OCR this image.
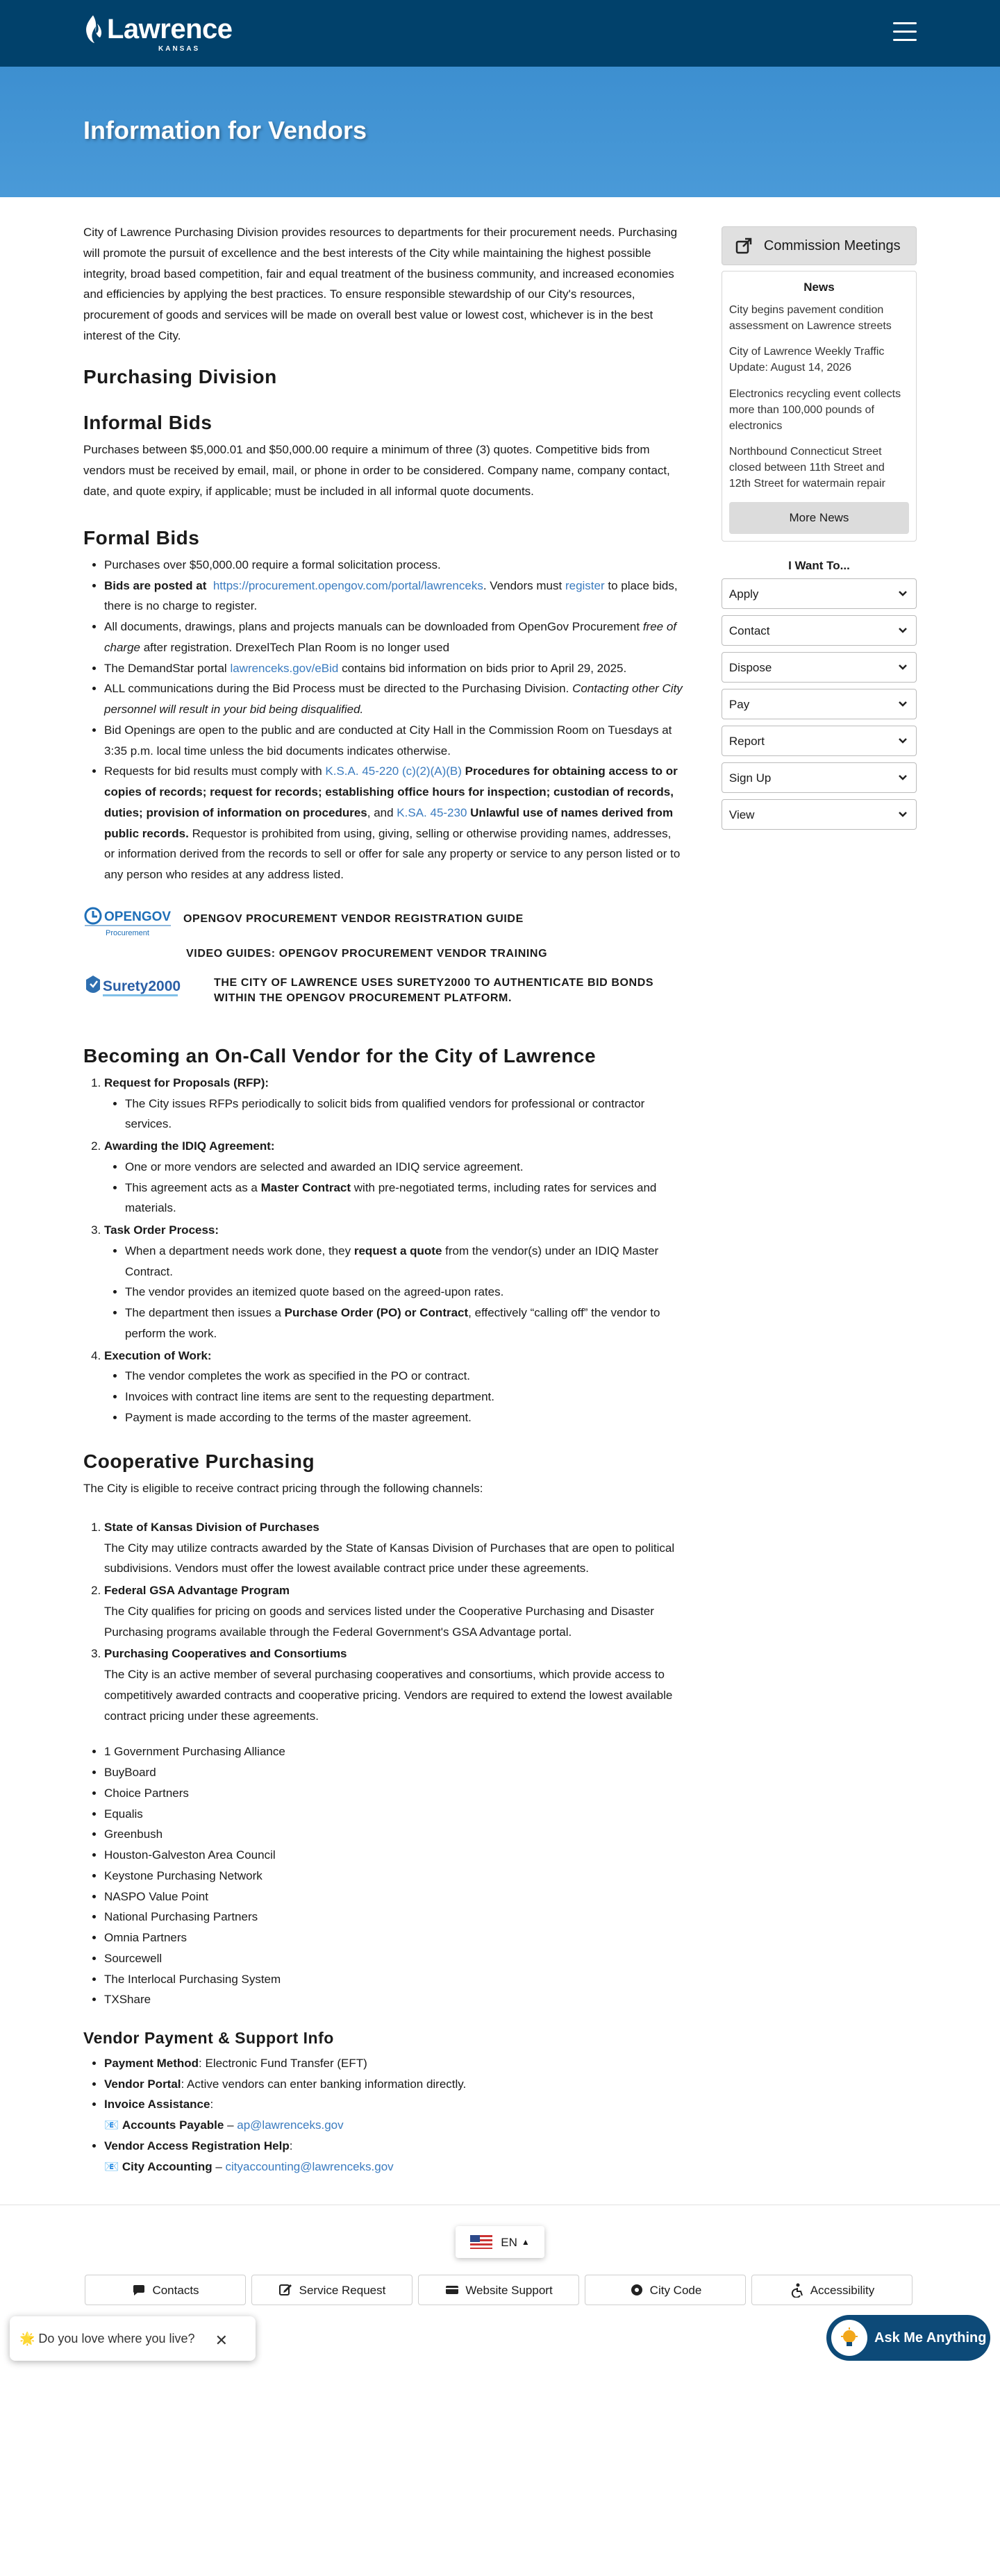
Lawrence
KANSAS
Information for Vendors

City of Lawrence Purchasing Division provides resources to departments for their procurement needs. Purchasing will promote the pursuit of excellence and the best interests of the City while maintaining the highest possible integrity, broad based competition, fair and equal treatment of the business community, and increased economies and efficiencies by applying the best practices. To ensure responsible stewardship of our City's resources, procurement of goods and services will be made on overall best value or lowest cost, whichever is in the best interest of the City.

Purchasing Division
Informal Bids

Purchases between $5,000.01 and $50,000.00 require a minimum of three (3) quotes. Competitive bids from vendors must be received by email, mail, or phone in order to be considered. Company name, company contact, date, and quote expiry, if applicable; must be included in all informal quote documents.

Formal Bids
• Purchases over $50,000.00 require a formal solicitation process.
• Bids are posted at https://procurement.opengov.com/portal/lawrenceks. Vendors must register to place bids, there is no charge to register.
• All documents, drawings, plans and projects manuals can be downloaded from OpenGov Procurement free of charge after registration. DrexelTech Plan Room is no longer used
• The DemandStar portal lawrenceks.gov/eBid contains bid information on bids prior to April 29, 2025.
• ALL communications during the Bid Process must be directed to the Purchasing Division. Contacting other City personnel will result in your bid being disqualified.
• Bid Openings are open to the public and are conducted at City Hall in the Commission Room on Tuesdays at 3:35 p.m. local time unless the bid documents indicates otherwise.
• Requests for bid results must comply with K.S.A. 45-220 (c)(2)(A)(B) Procedures for obtaining access to or copies of records; request for records; establishing office hours for inspection; custodian of records, duties; provision of information on procedures, and K.SA. 45-230 Unlawful use of names derived from public records. Requestor is prohibited from using, giving, selling or otherwise providing names, addresses, or information derived from the records to sell or offer for sale any property or service to any person listed or to any person who resides at any address listed.
OPENGOV
Procurement
OPENGOV PROCUREMENT VENDOR REGISTRATION GUIDE
VIDEO GUIDES: OPENGOV PROCUREMENT VENDOR TRAINING
Surety2000	THE CITY OF LAWRENCE USES SURETY2000 TO AUTHENTICATE BID BONDS WITHIN THE OPENGOV PROCUREMENT PLATFORM.
Becoming an On-Call Vendor for the City of Lawrence
1. Request for Proposals (RFP):
• The City issues RFPs periodically to solicit bids from qualified vendors for professional or contractor services.
2. Awarding the IDIQ Agreement:
• One or more vendors are selected and awarded an IDIQ service agreement.
• This agreement acts as a Master Contract with pre-negotiated terms, including rates for services and materials.
3. Task Order Process:
• When a department needs work done, they request a quote from the vendor(s) under an IDIQ Master Contract.
• The vendor provides an itemized quote based on the agreed-upon rates.
• The department then issues a Purchase Order (PO) or Contract, effectively “calling off” the vendor to perform the work.
4. Execution of Work:
• The vendor completes the work as specified in the PO or contract.
• Invoices with contract line items are sent to the requesting department.
• Payment is made according to the terms of the master agreement.
Cooperative Purchasing

The City is eligible to receive contract pricing through the following channels:

1. State of Kansas Division of Purchases
The City may utilize contracts awarded by the State of Kansas Division of Purchases that are open to political subdivisions. Vendors must offer the lowest available contract price under these agreements.
2. Federal GSA Advantage Program
The City qualifies for pricing on goods and services listed under the Cooperative Purchasing and Disaster Purchasing programs available through the Federal Government's GSA Advantage portal.
3. Purchasing Cooperatives and Consortiums
The City is an active member of several purchasing cooperatives and consortiums, which provide access to competitively awarded contracts and cooperative pricing. Vendors are required to extend the lowest available contract pricing under these agreements.
• 1 Government Purchasing Alliance
• BuyBoard
• Choice Partners
• Equalis
• Greenbush
• Houston-Galveston Area Council
• Keystone Purchasing Network
• NASPO Value Point
• National Purchasing Partners
• Omnia Partners
• Sourcewell
• The Interlocal Purchasing System
• TXShare
Vendor Payment & Support Info
• Payment Method: Electronic Fund Transfer (EFT)
• Vendor Portal: Active vendors can enter banking information directly.
• Invoice Assistance:
📧 Accounts Payable – ap@lawrenceks.gov
• Vendor Access Registration Help:
📧 City Accounting – cityaccounting@lawrenceks.gov
Commission Meetings
News
City begins pavement condition assessment on Lawrence streets
City of Lawrence Weekly Traffic Update: August 14, 2026
Electronics recycling event collects more than 100,000 pounds of electronics
Northbound Connecticut Street closed between 11th Street and 12th Street for watermain repair
More News
I Want To...
Apply
Contact
Dispose
Pay
Report
Sign Up
View
EN ▲
Contacts	Service Request	Website Support	City Code	Accessibility
🌟 Do you love where you live? ✕	Ask Me Anything
